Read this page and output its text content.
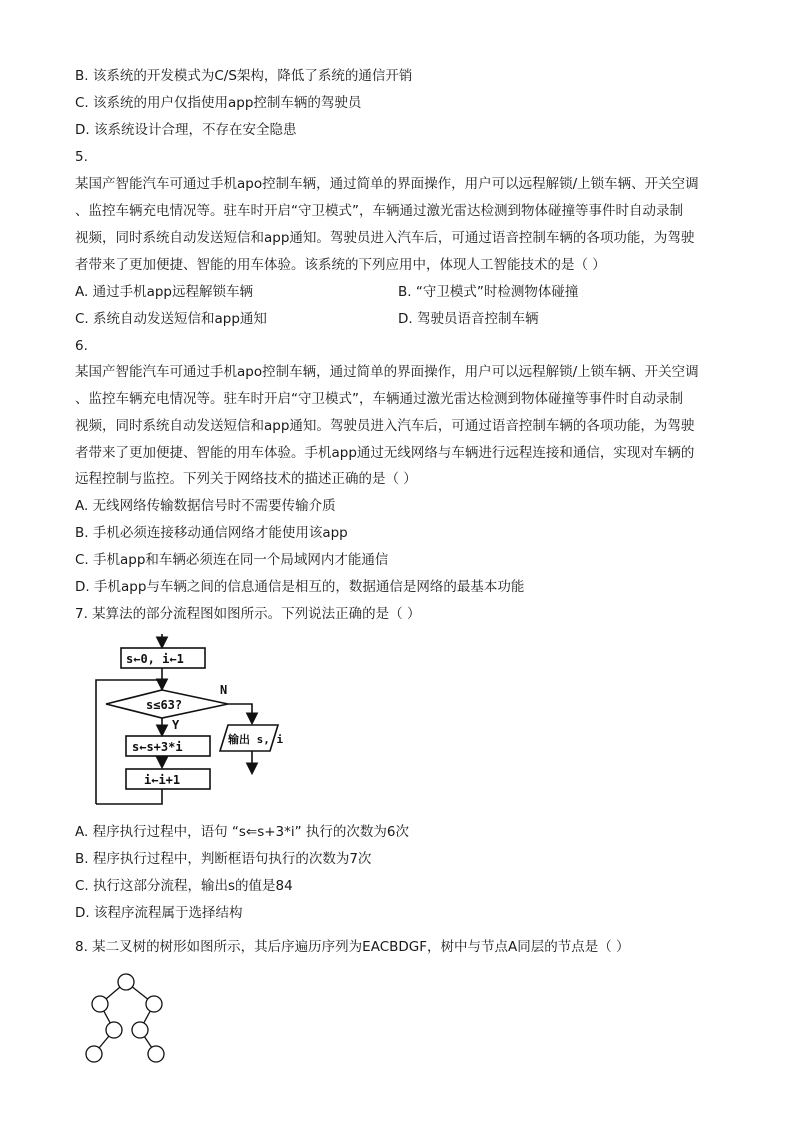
B. 该系统的开发模式为C/S架构，降低了系统的通信开销
C. 该系统的用户仅指使用app控制车辆的驾驶员
D. 该系统设计合理，不存在安全隐患
5.
某国产智能汽车可通过手机apo控制车辆，通过简单的界面操作，用户可以远程解锁/上锁车辆、开关空调
、监控车辆充电情况等。驻车时开启“守卫模式”，车辆通过激光雷达检测到物体碰撞等事件时自动录制
视频，同时系统自动发送短信和app通知。驾驶员进入汽车后，可通过语音控制车辆的各项功能，为驾驶
者带来了更加便捷、智能的用车体验。该系统的下列应用中，体现人工智能技术的是（ ）
A. 通过手机app远程解锁车辆	B. “守卫模式”时检测物体碰撞
C. 系统自动发送短信和app通知	D. 驾驶员语音控制车辆
6.
某国产智能汽车可通过手机apo控制车辆，通过简单的界面操作，用户可以远程解锁/上锁车辆、开关空调
、监控车辆充电情况等。驻车时开启“守卫模式”，车辆通过激光雷达检测到物体碰撞等事件时自动录制
视频，同时系统自动发送短信和app通知。驾驶员进入汽车后，可通过语音控制车辆的各项功能，为驾驶
者带来了更加便捷、智能的用车体验。手机app通过无线网络与车辆进行远程连接和通信，实现对车辆的
远程控制与监控。下列关于网络技术的描述正确的是（ ）
A. 无线网络传输数据信号时不需要传输介质
B. 手机必须连接移动通信网络才能使用该app
C. 手机app和车辆必须连在同一个局域网内才能通信
D. 手机app与车辆之间的信息通信是相互的，数据通信是网络的最基本功能
7. 某算法的部分流程图如图所示。下列说法正确的是（ ）
s←0, i←1
s≤63?
N
Y
输出 s, i
s←s+3*i
i←i+1
A. 程序执行过程中，语句 “s⇐s+3*i” 执行的次数为6次
B. 程序执行过程中，判断框语句执行的次数为7次
C. 执行这部分流程，输出s的值是84
D. 该程序流程属于选择结构
8. 某二叉树的树形如图所示，其后序遍历序列为EACBDGF，树中与节点A同层的节点是（ ）
